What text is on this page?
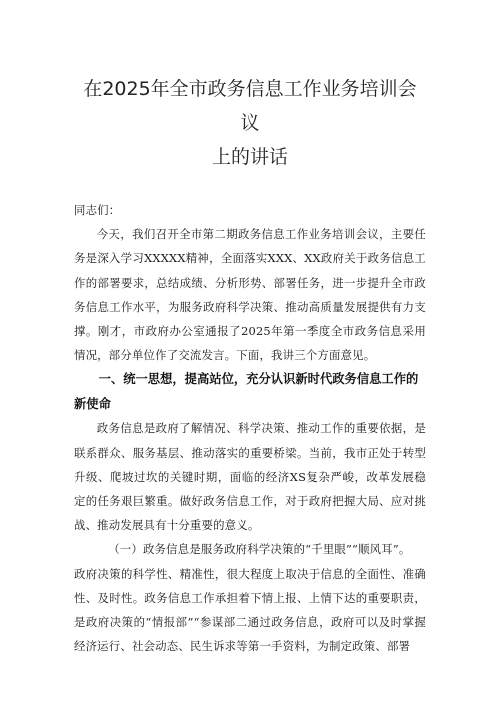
在2025年全市政务信息工作业务培训会议
上的讲话

同志们：

今天，我们召开全市第二期政务信息工作业务培训会议，主要任务是深入学习XXXXX精神，全面落实XXX、XX政府关于政务信息工作的部署要求，总结成绩、分析形势、部署任务，进一步提升全市政务信息工作水平，为服务政府科学决策、推动高质量发展提供有力支撑。刚才，市政府办公室通报了2025年第一季度全市政务信息采用情况，部分单位作了交流发言。下面，我讲三个方面意见。

一、统一思想，提高站位，充分认识新时代政务信息工作的新使命

政务信息是政府了解情况、科学决策、推动工作的重要依据，是联系群众、服务基层、推动落实的重要桥梁。当前，我市正处于转型升级、爬坡过坎的关键时期，面临的经济XS复杂严峻，改革发展稳定的任务艰巨繁重。做好政务信息工作，对于政府把握大局、应对挑战、推动发展具有十分重要的意义。

（一）政务信息是服务政府科学决策的“千里眼”“顺风耳”。

政府决策的科学性、精准性，很大程度上取决于信息的全面性、准确性、及时性。政务信息工作承担着下情上报、上情下达的重要职责，是政府决策的“情报部”“参谋部二通过政务信息，政府可以及时掌握经济运行、社会动态、民生诉求等第一手资料，为制定政策、部署
